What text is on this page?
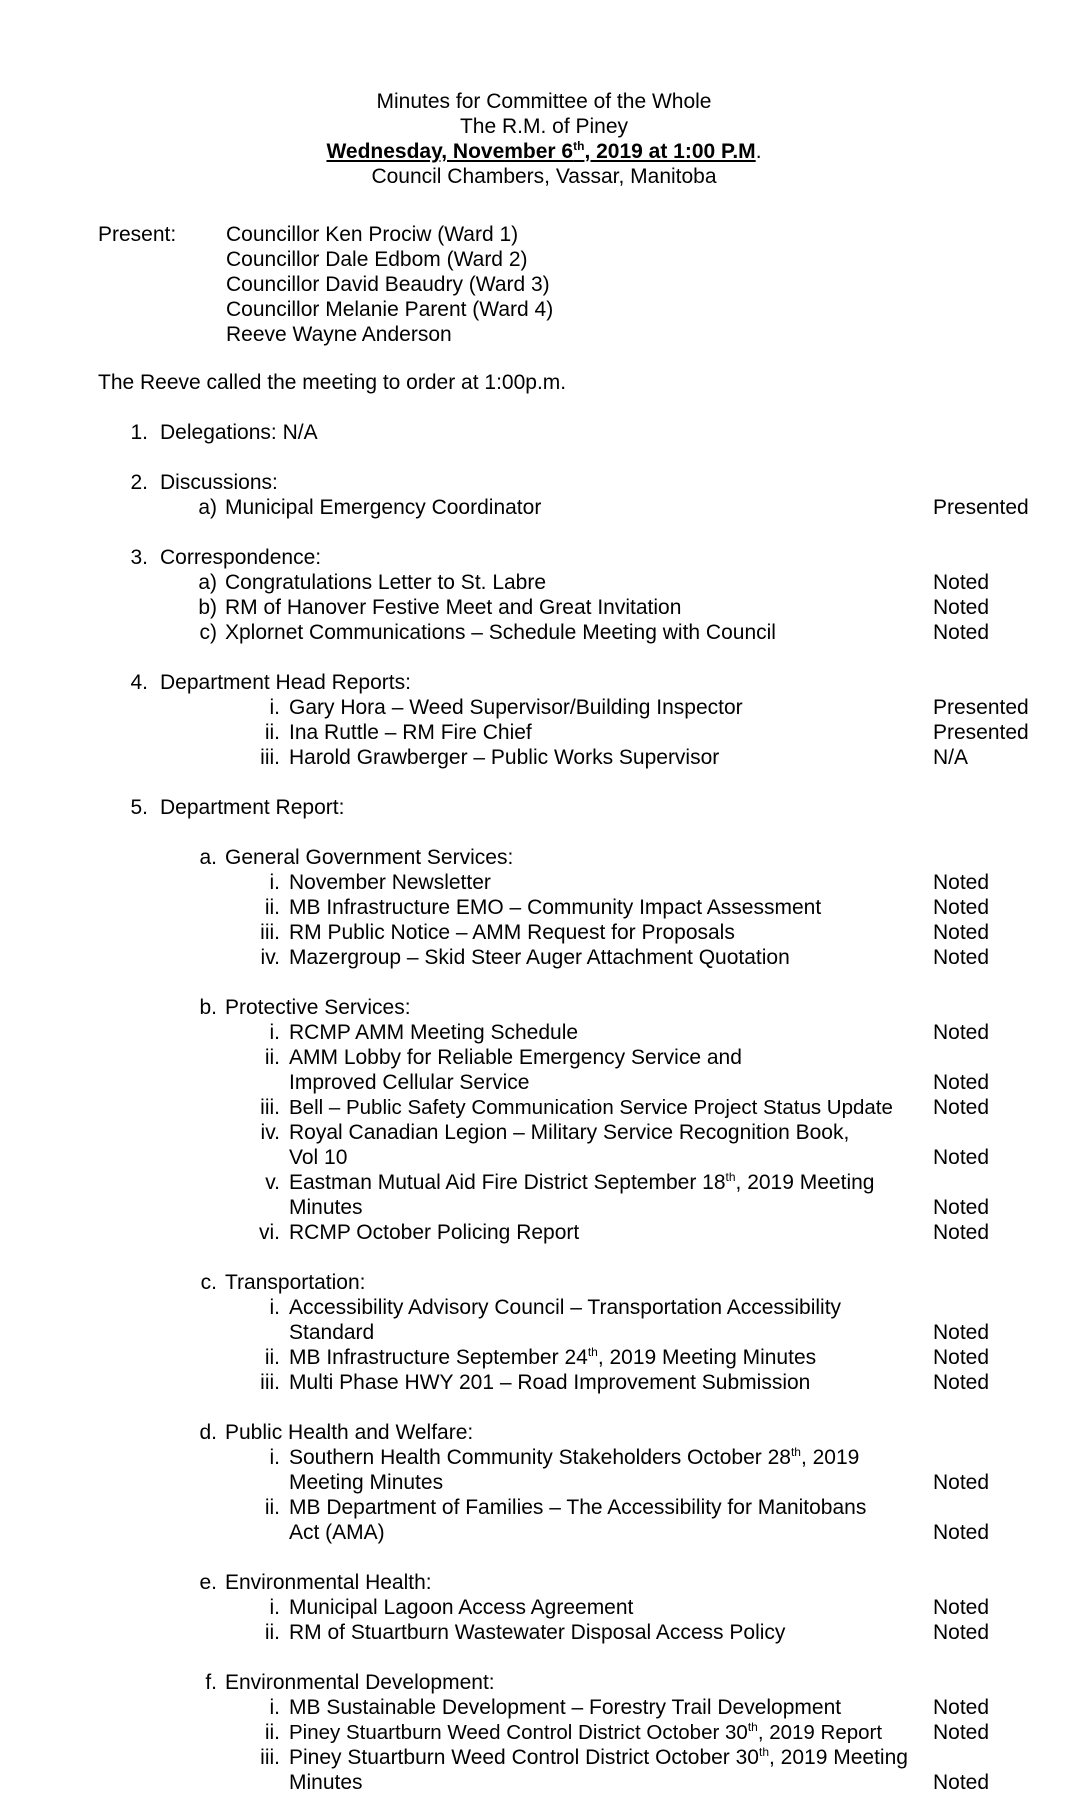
Minutes for Committee of the Whole
The R.M. of Piney
Wednesday, November 6th, 2019 at 1:00 P.M.
Council Chambers, Vassar, Manitoba
Present: Councillor Ken Prociw (Ward 1)
Councillor Dale Edbom (Ward 2)
Councillor David Beaudry (Ward 3)
Councillor Melanie Parent (Ward 4)
Reeve Wayne Anderson
The Reeve called the meeting to order at 1:00p.m.
1. Delegations: N/A
2. Discussions:
a) Municipal Emergency Coordinator	Presented
3. Correspondence:
a) Congratulations Letter to St. Labre	Noted
b) RM of Hanover Festive Meet and Great Invitation	Noted
c) Xplornet Communications – Schedule Meeting with Council	Noted
4. Department Head Reports:
i. Gary Hora – Weed Supervisor/Building Inspector	Presented
ii. Ina Ruttle – RM Fire Chief	Presented
iii. Harold Grawberger – Public Works Supervisor	N/A
5. Department Report:
a. General Government Services:
i. November Newsletter	Noted
ii. MB Infrastructure EMO – Community Impact Assessment	Noted
iii. RM Public Notice – AMM Request for Proposals	Noted
iv. Mazergroup – Skid Steer Auger Attachment Quotation	Noted
b. Protective Services:
i. RCMP AMM Meeting Schedule	Noted
ii. AMM Lobby for Reliable Emergency Service and Improved Cellular Service	Noted
iii. Bell – Public Safety Communication Service Project Status Update	Noted
iv. Royal Canadian Legion – Military Service Recognition Book, Vol 10	Noted
v. Eastman Mutual Aid Fire District September 18th, 2019 Meeting Minutes	Noted
vi. RCMP October Policing Report	Noted
c. Transportation:
i. Accessibility Advisory Council – Transportation Accessibility Standard	Noted
ii. MB Infrastructure September 24th, 2019 Meeting Minutes	Noted
iii. Multi Phase HWY 201 – Road Improvement Submission	Noted
d. Public Health and Welfare:
i. Southern Health Community Stakeholders October 28th, 2019 Meeting Minutes	Noted
ii. MB Department of Families – The Accessibility for Manitobans Act (AMA)	Noted
e. Environmental Health:
i. Municipal Lagoon Access Agreement	Noted
ii. RM of Stuartburn Wastewater Disposal Access Policy	Noted
f. Environmental Development:
i. MB Sustainable Development – Forestry Trail Development	Noted
ii. Piney Stuartburn Weed Control District October 30th, 2019 Report	Noted
iii. Piney Stuartburn Weed Control District October 30th, 2019 Meeting Minutes	Noted
